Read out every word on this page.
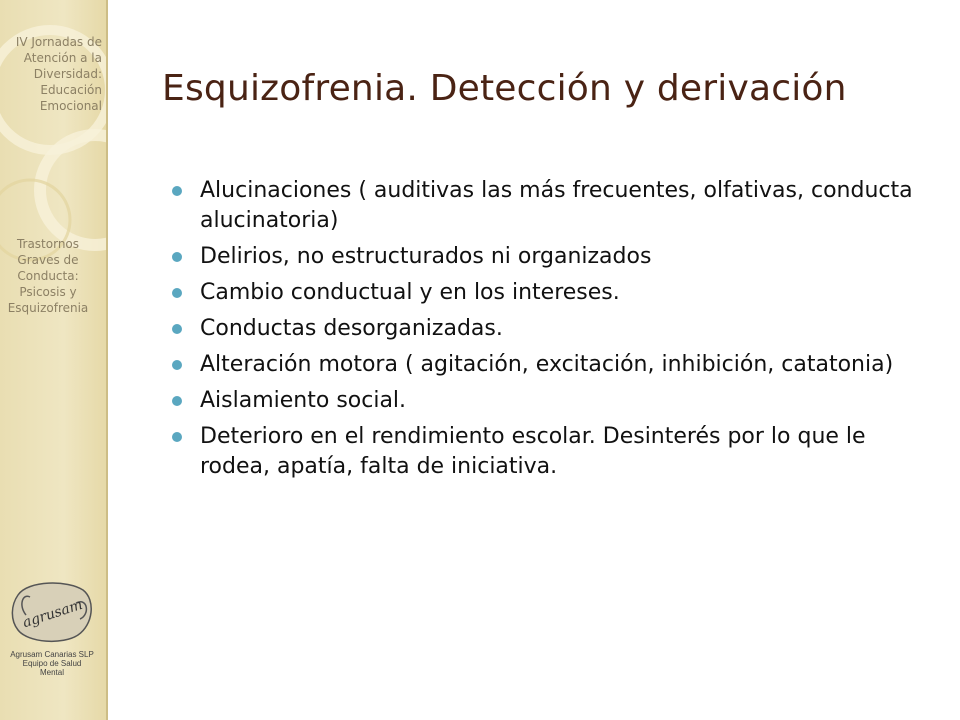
IV Jornadas de
Atención a la
Diversidad:
Educación
Emocional
Trastornos
Graves de
Conducta:
Psicosis y
Esquizofrenia
agrusam
Agrusam Canarias SLP
Equipo de Salud
Mental
Esquizofrenia. Detección y derivación
Alucinaciones ( auditivas las más frecuentes, olfativas, conducta alucinatoria)
Delirios, no estructurados ni organizados
Cambio conductual y en los intereses.
Conductas desorganizadas.
Alteración motora ( agitación, excitación, inhibición, catatonia)
Aislamiento social.
Deterioro en el rendimiento escolar. Desinterés por lo que le rodea, apatía, falta de iniciativa.
